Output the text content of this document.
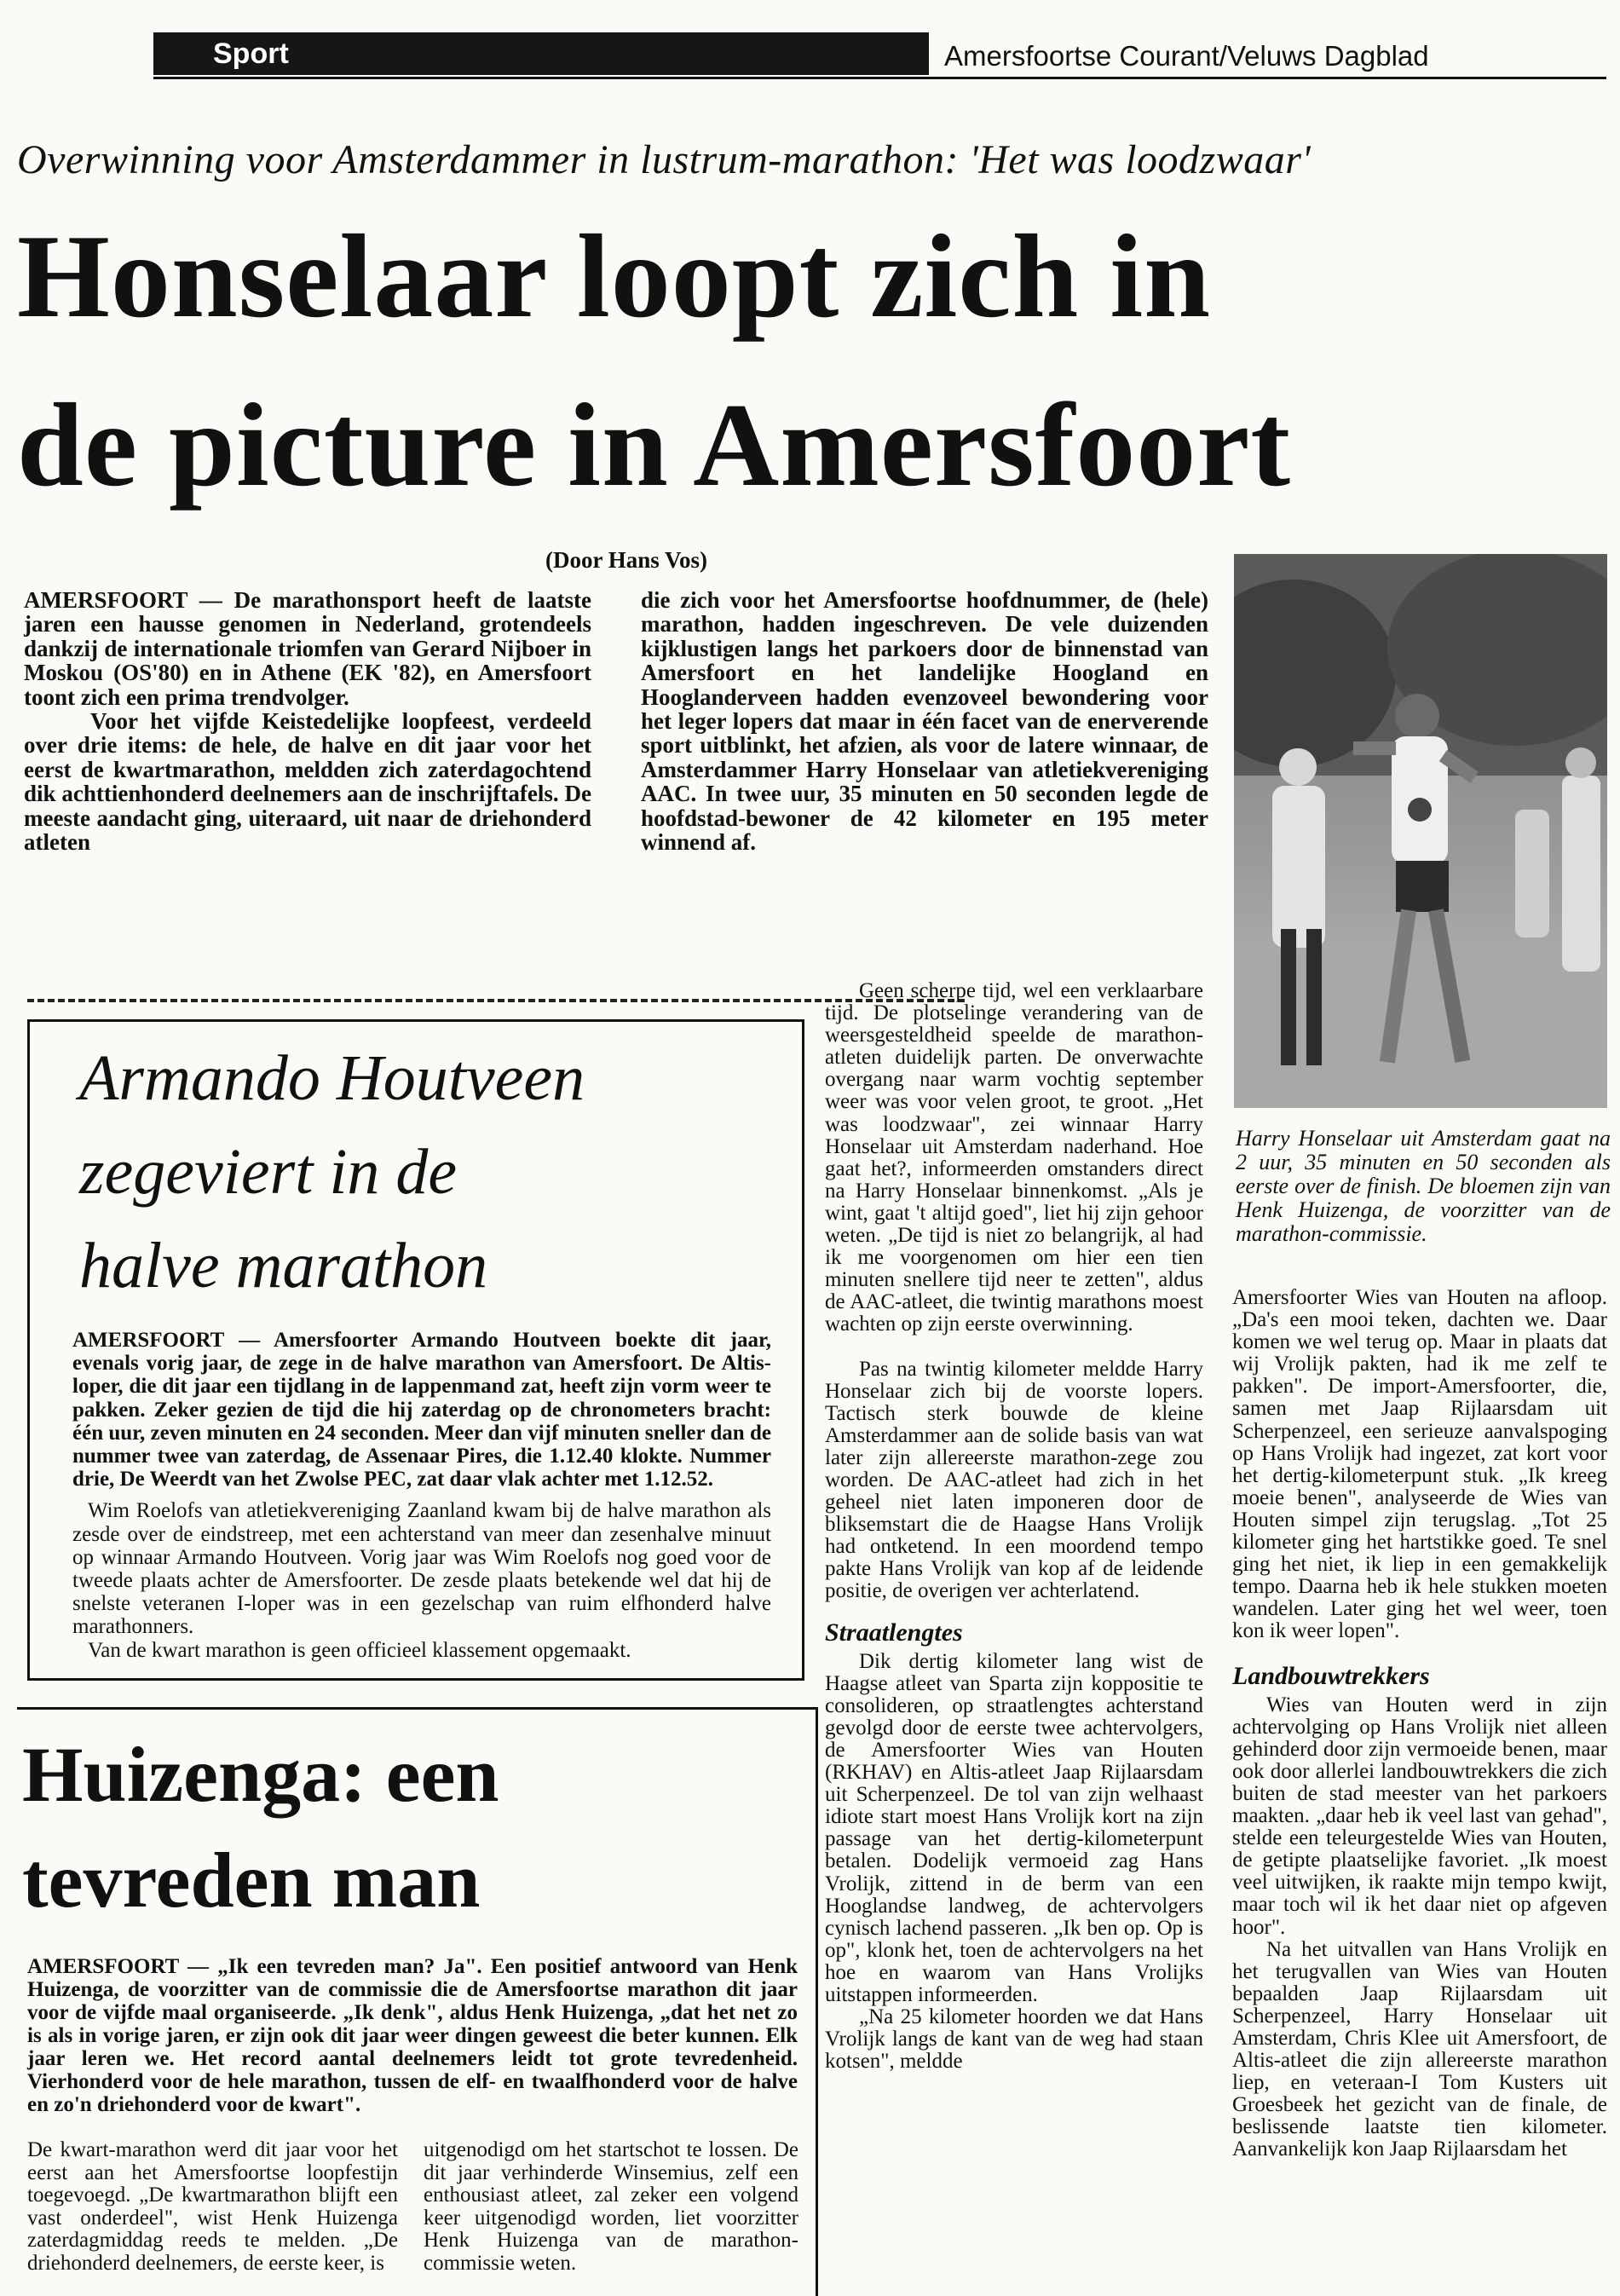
Sport	Amersfoortse Courant/Veluws Dagblad
Overwinning voor Amsterdammer in lustrum-marathon: 'Het was loodzwaar'
Honselaar loopt zich in
de picture in Amersfoort
(Door Hans Vos)

AMERSFOORT — De marathonsport heeft de laatste jaren een hausse genomen in Nederland, grotendeels dankzij de internationale triomfen van Gerard Nijboer in Moskou (OS'80) en in Athene (EK '82), en Amersfoort toont zich een prima trendvolger.

Voor het vijfde Keistedelijke loopfeest, verdeeld over drie items: de hele, de halve en dit jaar voor het eerst de kwartmarathon, meldden zich zaterdagochtend dik achttienhonderd deelnemers aan de inschrijftafels. De meeste aandacht ging, uiteraard, uit naar de driehonderd atleten

die zich voor het Amersfoortse hoofdnummer, de (hele) marathon, hadden ingeschreven. De vele duizenden kijklustigen langs het parkoers door de binnenstad van Amersfoort en het landelijke Hoogland en Hooglanderveen hadden evenzoveel bewondering voor het leger lopers dat maar in één facet van de enerverende sport uitblinkt, het afzien, als voor de latere winnaar, de Amsterdammer Harry Honselaar van atletiekvereniging AAC. In twee uur, 35 minuten en 50 seconden legde de hoofdstad-bewoner de 42 kilometer en 195 meter winnend af.

Harry Honselaar uit Amsterdam gaat na 2 uur, 35 minuten en 50 seconden als eerste over de finish. De bloemen zijn van Henk Huizenga, de voorzitter van de marathon-commissie.
Armando Houtveen
zegeviert in de
halve marathon

AMERSFOORT — Amersfoorter Armando Houtveen boekte dit jaar, evenals vorig jaar, de zege in de halve marathon van Amersfoort. De Altis-loper, die dit jaar een tijdlang in de lappenmand zat, heeft zijn vorm weer te pakken. Zeker gezien de tijd die hij zaterdag op de chronometers bracht: één uur, zeven minuten en 24 seconden. Meer dan vijf minuten sneller dan de nummer twee van zaterdag, de Assenaar Pires, die 1.12.40 klokte. Nummer drie, De Weerdt van het Zwolse PEC, zat daar vlak achter met 1.12.52.

Wim Roelofs van atletiekvereniging Zaanland kwam bij de halve marathon als zesde over de eindstreep, met een achterstand van meer dan zesenhalve minuut op winnaar Armando Houtveen. Vorig jaar was Wim Roelofs nog goed voor de tweede plaats achter de Amersfoorter. De zesde plaats betekende wel dat hij de snelste veteranen I-loper was in een gezelschap van ruim elfhonderd halve marathonners.

Van de kwart marathon is geen officieel klassement opgemaakt.

Huizenga: een
tevreden man
AMERSFOORT — „Ik een tevreden man? Ja". Een positief antwoord van Henk Huizenga, de voorzitter van de commissie die de Amersfoortse marathon dit jaar voor de vijfde maal organiseerde. „Ik denk", aldus Henk Huizenga, „dat het net zo is als in vorige jaren, er zijn ook dit jaar weer dingen geweest die beter kunnen. Elk jaar leren we. Het record aantal deelnemers leidt tot grote tevredenheid. Vierhonderd voor de hele marathon, tussen de elf- en twaalfhonderd voor de halve en zo'n driehonderd voor de kwart".
De kwart-marathon werd dit jaar voor het eerst aan het Amersfoortse loopfestijn toegevoegd. „De kwartmarathon blijft een vast onderdeel", wist Henk Huizenga zaterdagmiddag reeds te melden. „De driehonderd deelnemers, de eerste keer, is
uitgenodigd om het startschot te lossen. De dit jaar verhinderde Winsemius, zelf een enthousiast atleet, zal zeker een volgend keer uitgenodigd worden, liet voorzitter Henk Huizenga van de marathon-commissie weten.

Geen scherpe tijd, wel een verklaarbare tijd. De plotselinge verandering van de weersgesteldheid speelde de marathon-atleten duidelijk parten. De onverwachte overgang naar warm vochtig september weer was voor velen groot, te groot. „Het was loodzwaar", zei winnaar Harry Honselaar uit Amsterdam naderhand. Hoe gaat het?, informeerden omstanders direct na Harry Honselaar binnenkomst. „Als je wint, gaat 't altijd goed", liet hij zijn gehoor weten. „De tijd is niet zo belangrijk, al had ik me voorgenomen om hier een tien minuten snellere tijd neer te zetten", aldus de AAC-atleet, die twintig marathons moest wachten op zijn eerste overwinning.

Pas na twintig kilometer meldde Harry Honselaar zich bij de voorste lopers. Tactisch sterk bouwde de kleine Amsterdammer aan de solide basis van wat later zijn allereerste marathon-zege zou worden. De AAC-atleet had zich in het geheel niet laten imponeren door de bliksemstart die de Haagse Hans Vrolijk had ontketend. In een moordend tempo pakte Hans Vrolijk van kop af de leidende positie, de overigen ver achterlatend.

Straatlengtes

Dik dertig kilometer lang wist de Haagse atleet van Sparta zijn koppositie te consolideren, op straatlengtes achterstand gevolgd door de eerste twee achtervolgers, de Amersfoorter Wies van Houten (RKHAV) en Altis-atleet Jaap Rijlaarsdam uit Scherpenzeel. De tol van zijn welhaast idiote start moest Hans Vrolijk kort na zijn passage van het dertig-kilometerpunt betalen. Dodelijk vermoeid zag Hans Vrolijk, zittend in de berm van een Hooglandse landweg, de achtervolgers cynisch lachend passeren. „Ik ben op. Op is op", klonk het, toen de achtervolgers na het hoe en waarom van Hans Vrolijks uitstappen informeerden.

„Na 25 kilometer hoorden we dat Hans Vrolijk langs de kant van de weg had staan kotsen", meldde

Amersfoorter Wies van Houten na afloop. „Da's een mooi teken, dachten we. Daar komen we wel terug op. Maar in plaats dat wij Vrolijk pakten, had ik me zelf te pakken". De import-Amersfoorter, die, samen met Jaap Rijlaarsdam uit Scherpenzeel, een serieuze aanvalspoging op Hans Vrolijk had ingezet, zat kort voor het dertig-kilometerpunt stuk. „Ik kreeg moeie benen", analyseerde de Wies van Houten simpel zijn terugslag. „Tot 25 kilometer ging het hartstikke goed. Te snel ging het niet, ik liep in een gemakkelijk tempo. Daarna heb ik hele stukken moeten wandelen. Later ging het wel weer, toen kon ik weer lopen".

Landbouwtrekkers

Wies van Houten werd in zijn achtervolging op Hans Vrolijk niet alleen gehinderd door zijn vermoeide benen, maar ook door allerlei landbouwtrekkers die zich buiten de stad meester van het parkoers maakten. „daar heb ik veel last van gehad", stelde een teleurgestelde Wies van Houten, de getipte plaatselijke favoriet. „Ik moest veel uitwijken, ik raakte mijn tempo kwijt, maar toch wil ik het daar niet op afgeven hoor".

Na het uitvallen van Hans Vrolijk en het terugvallen van Wies van Houten bepaalden Jaap Rijlaarsdam uit Scherpenzeel, Harry Honselaar uit Amsterdam, Chris Klee uit Amersfoort, de Altis-atleet die zijn allereerste marathon liep, en veteraan-I Tom Kusters uit Groesbeek het gezicht van de finale, de beslissende laatste tien kilometer. Aanvankelijk kon Jaap Rijlaarsdam het
